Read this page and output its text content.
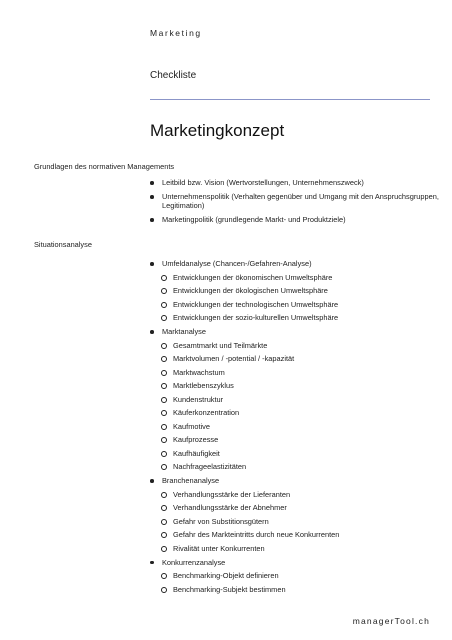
Marketing
Checkliste
Marketingkonzept
Grundlagen des normativen Managements
Leitbild bzw. Vision (Wertvorstellungen, Unternehmenszweck)
Unternehmenspolitik (Verhalten gegenüber und Umgang mit den Anspruchsgruppen, Legitimation)
Marketingpolitik (grundlegende Markt- und Produktziele)
Situationsanalyse
Umfeldanalyse (Chancen-/Gefahren-Analyse)
Entwicklungen der ökonomischen Umweltsphäre
Entwicklungen der ökologischen Umweltsphäre
Entwicklungen der technologischen Umweltsphäre
Entwicklungen der sozio-kulturellen Umweltsphäre
Marktanalyse
Gesamtmarkt und Teilmärkte
Marktvolumen / -potential / -kapazität
Marktwachstum
Marktlebenszyklus
Kundenstruktur
Käuferkonzentration
Kaufmotive
Kaufprozesse
Kaufhäufigkeit
Nachfrageelastizitäten
Branchenanalyse
Verhandlungsstärke der Lieferanten
Verhandlungsstärke der Abnehmer
Gefahr von Substitionsgütern
Gefahr des Markteintritts durch neue Konkurrenten
Rivalität unter Konkurrenten
Konkurrenzanalyse
Benchmarking-Objekt definieren
Benchmarking-Subjekt bestimmen
managerTool.ch
